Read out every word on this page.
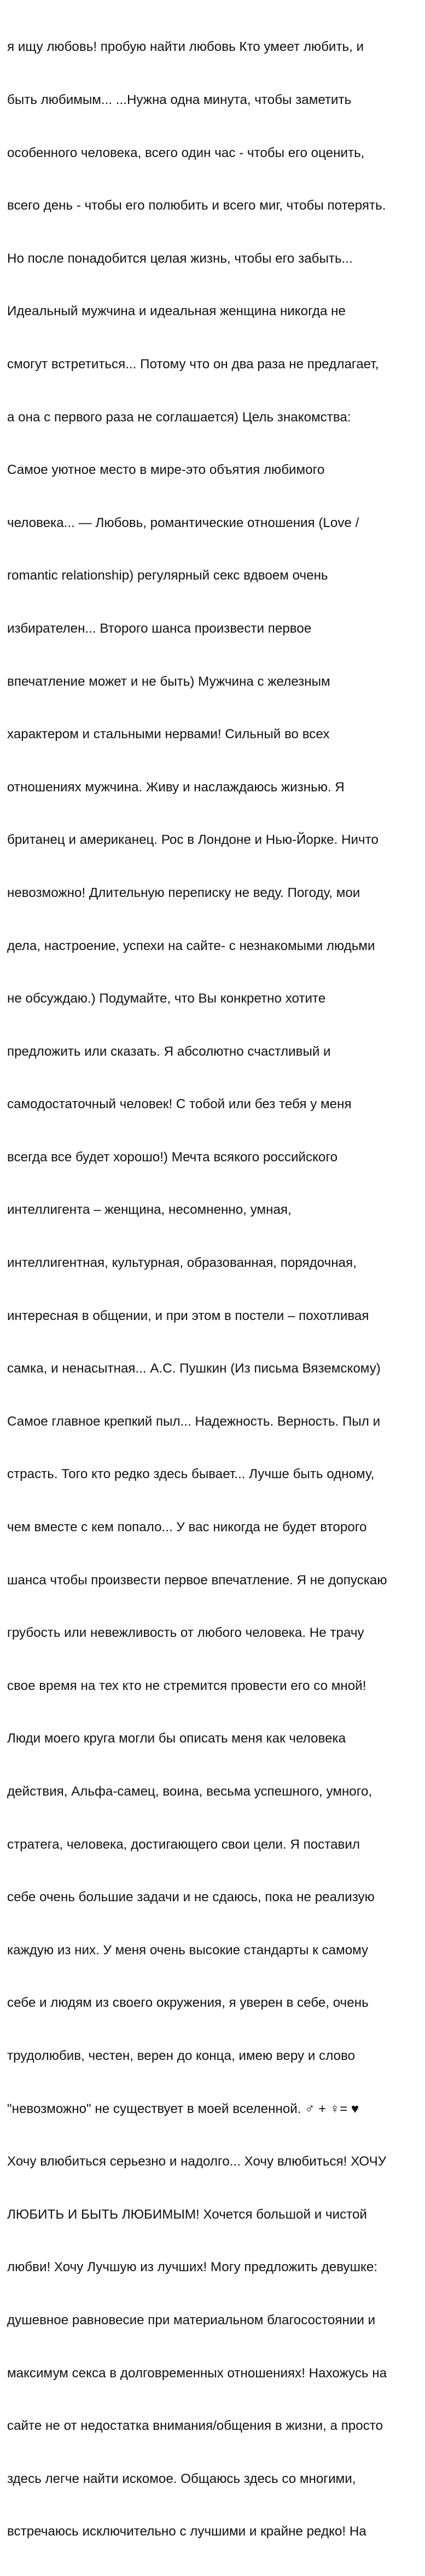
я ищу любовь! пробую найти любовь Кто умеет любить, и

быть любимым... ...Нужна одна минута, чтобы заметить

особенного человека, всего один час - чтобы его оценить,

всего день - чтобы его полюбить и всего миг, чтобы потерять.

Но после понадобится целая жизнь, чтобы его забыть...

Идеальный мужчина и идеальная женщина никогда не

смогут встретиться... Потому что он два раза не предлагает,

а она с первого раза не соглашается) Цель знакомства:

Самое уютное место в мире-это объятия любимого

человека... — Любовь, романтические отношения (Love /

romantic relationship) регулярный секс вдвоем очень

избирателен... Второго шанса произвести первое

впечатление может и не быть) Мужчина с железным

характером и стальными нервами! Сильный во всех

отношениях мужчина. Живу и наслаждаюсь жизнью. Я

британец и американец. Рос в Лондоне и Нью-Йорке. Ничто

невозможно! Длительную переписку не веду. Погоду, мои

дела, настроение, успехи на сайте- с незнакомыми людьми

не обсуждаю.) Подумайте, что Вы конкретно хотите

предложить или сказать. Я абсолютно счастливый и

самодостаточный человек! С тобой или без тебя у меня

всегда все будет хорошо!) Мечта всякого российского

интеллигента – женщина, несомненно, умная,

интеллигентная, культурная, образованная, порядочная,

интересная в общении, и при этом в постели – похотливая

самка, и ненасытная... А.С. Пушкин (Из письма Вяземскому)

Самое главное крепкий пыл... Надежность. Верность. Пыл и

страсть. Того кто редко здесь бывает... Лучше быть одному,

чем вместе с кем попало... У вас никогда не будет второго

шанса чтобы произвести первое впечатление. Я не допускаю

грубость или невежливость от любого человека. Не трачу

свое время на тех кто не стремится провести его со мной!

Люди моего круга могли бы описать меня как человека

действия, Альфа-самец, воина, весьма успешного, умного,

стратега, человека, достигающего свои цели. Я поставил

себе очень большие задачи и не сдаюсь, пока не реализую

каждую из них. У меня очень высокие стандарты к самому

себе и людям из своего окружения, я уверен в себе, очень

трудолюбив, честен, верен до конца, имею веру и слово

"невозможно" не существует в моей вселенной. ♂ + ♀= ♥

Хочу влюбиться серьезно и надолго... Хочу влюбиться! ХОЧУ

ЛЮБИТЬ И БЫТЬ ЛЮБИМЫМ! Хочется большой и чистой

любви! Хочу Лучшую из лучших! Могу предложить девушке:

душевное равновесие при материальном благосостоянии и

максимум секса в долговременных отношениях! Нахожусь на

сайте не от недостатка внимания/общения в жизни, а просто

здесь легче найти искомое. Общаюсь здесь со многими,

встречаюсь исключительно с лучшими и крайне редко! На
